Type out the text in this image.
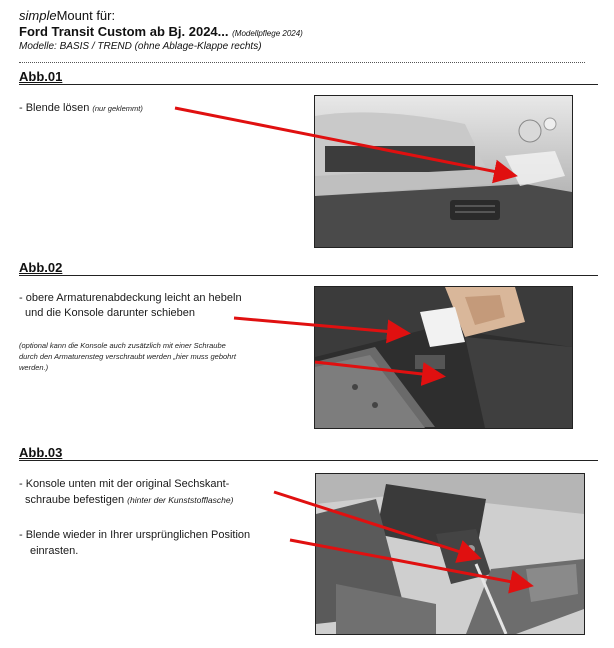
simpleMount für:
Ford Transit Custom ab Bj. 2024... (Modellpflege 2024)
Modelle: BASIS / TREND (ohne Ablage-Klappe rechts)
Abb.01
- Blende lösen (nur geklemmt)
Abb.02
- obere Armaturenabdeckung leicht an hebeln
und die Konsole darunter schieben
(optional kann die Konsole auch zusätzlich mit einer Schraube
durch den Armaturensteg verschraubt werden „hier muss gebohrt
werden.)
Abb.03
- Konsole unten mit der original Sechskant-
schraube befestigen (hinter der Kunststofflasche)
- Blende wieder in Ihrer ursprünglichen Position
einrasten.
